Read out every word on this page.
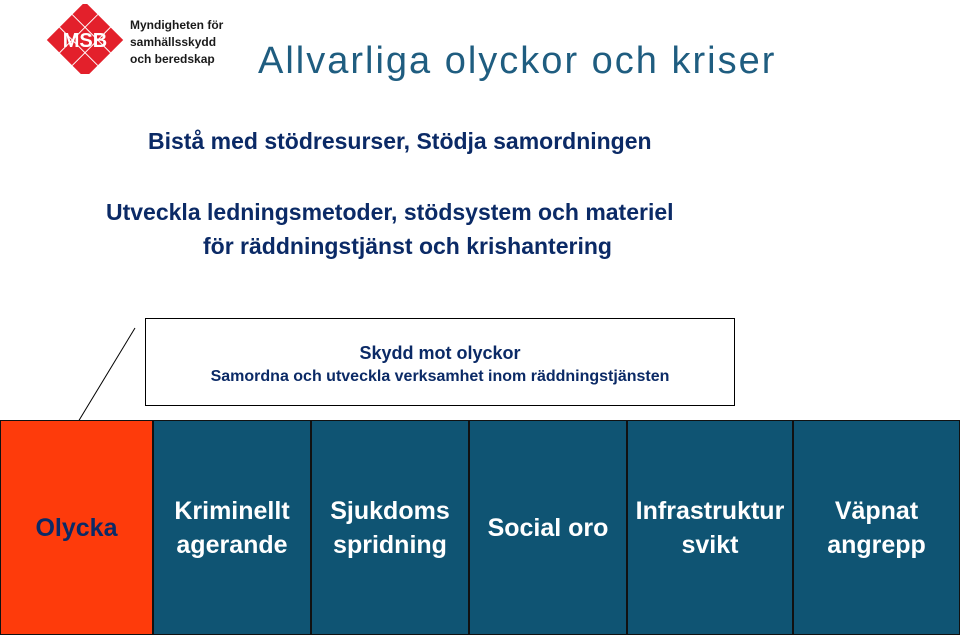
MSB
Myndigheten för
samhällsskydd
och beredskap Allvarliga olyckor och kriser
Bistå med stödresurser, Stödja samordningen
Utveckla ledningsmetoder, stödsystem och materiel
för räddningstjänst och krishantering
Skydd mot olyckor
Samordna och utveckla verksamhet inom räddningstjänsten
Olycka
Kriminellt
agerande
Sjukdoms
spridning
Social oro
Infrastruktur
svikt
Väpnat
angrepp
